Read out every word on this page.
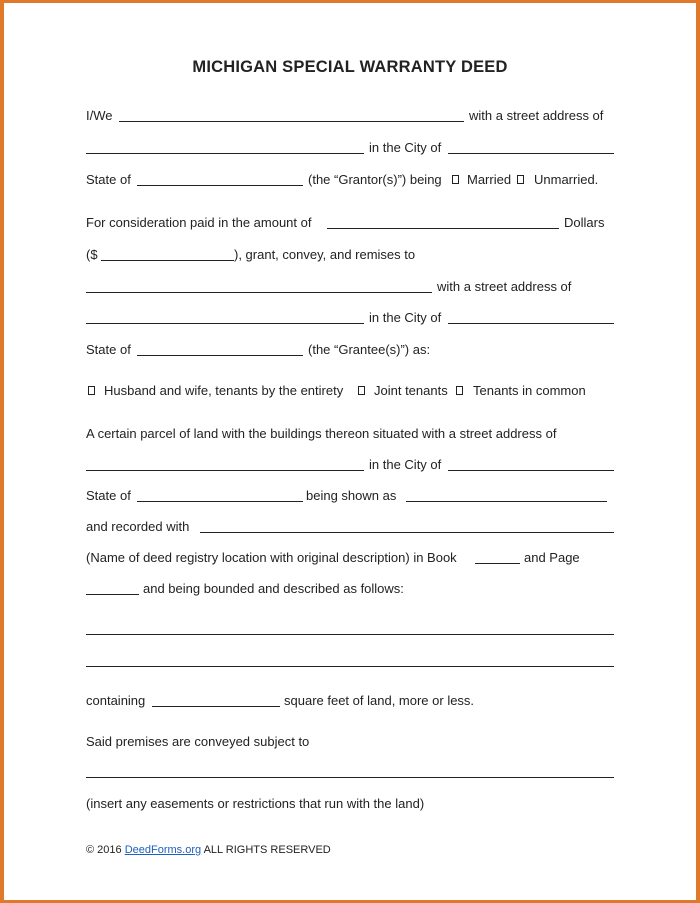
MICHIGAN SPECIAL WARRANTY DEED
I/We	with a street address of
in the City of
State of	(the “Grantor(s)”) being Married Unmarried.
For consideration paid in the amount of	Dollars
($	), grant, convey, and remises to
with a street address of
in the City of
State of	(the “Grantee(s)”) as:
Husband and wife, tenants by the entirety Joint tenants Tenants in common
A certain parcel of land with the buildings thereon situated with a street address of
in the City of
State of	being shown as
and recorded with
(Name of deed registry location with original description) in Book	and Page
and being bounded and described as follows:
containing	square feet of land, more or less.
Said premises are conveyed subject to
(insert any easements or restrictions that run with the land)
© 2016 DeedForms.org ALL RIGHTS RESERVED
